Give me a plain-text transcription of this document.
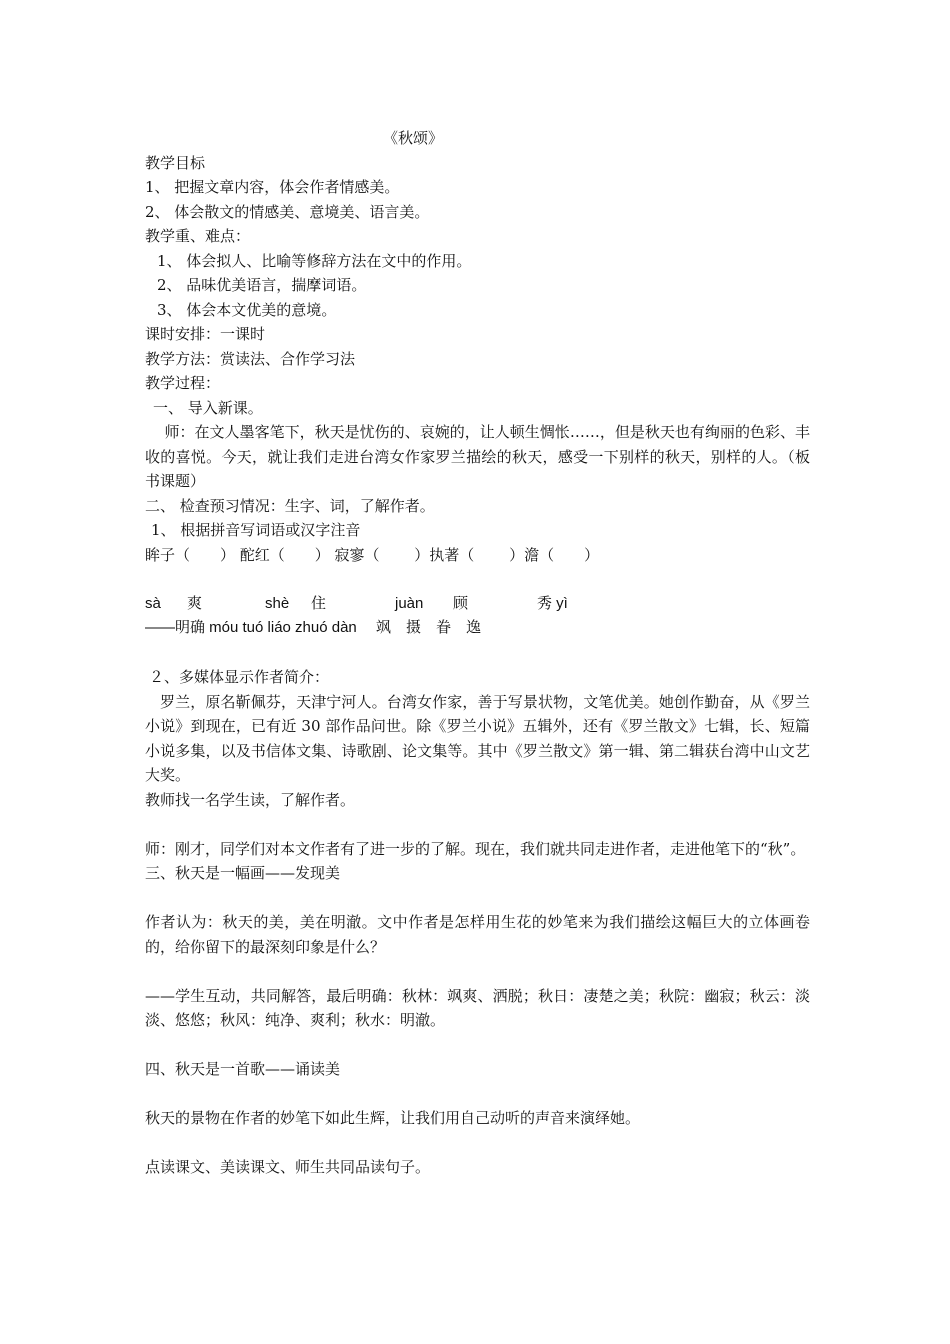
《秋颂》
教学目标
1、 把握文章内容，体会作者情感美。
2、 体会散文的情感美、意境美、语言美。
教学重、难点：
1、 体会拟人、比喻等修辞方法在文中的作用。
2、 品味优美语言，揣摩词语。
3、 体会本文优美的意境。
课时安排：一课时
教学方法：赏读法、合作学习法
教学过程：
一、 导入新课。
师：在文人墨客笔下，秋天是忧伤的、哀婉的，让人顿生惆怅……，但是秋天也有绚丽的色彩、丰收的喜悦。今天，就让我们走进台湾女作家罗兰描绘的秋天，感受一下别样的秋天，别样的人。（板书课题）
二、 检查预习情况：生字、词，了解作者。
1、 根据拼音写词语或汉字注音
眸子（　　） 酡红（　　） 寂寥（　　 ）执著（　　 ）澹（　　）
sà 爽	shè 住	juàn 顾	秀 yì
——明确 móu tuó liáo zhuó dàn　 飒　摄　眷　逸
２、多媒体显示作者简介：
罗兰，原名靳佩芬，天津宁河人。台湾女作家，善于写景状物，文笔优美。她创作勤奋，从《罗兰小说》到现在，已有近 30 部作品问世。除《罗兰小说》五辑外，还有《罗兰散文》七辑，长、短篇小说多集，以及书信体文集、诗歌剧、论文集等。其中《罗兰散文》第一辑、第二辑获台湾中山文艺大奖。
教师找一名学生读，了解作者。
师：刚才，同学们对本文作者有了进一步的了解。现在，我们就共同走进作者，走进他笔下的“秋”。
三、秋天是一幅画——发现美
作者认为：秋天的美，美在明澈。文中作者是怎样用生花的妙笔来为我们描绘这幅巨大的立体画卷的，给你留下的最深刻印象是什么？
——学生互动，共同解答，最后明确：秋林：飒爽、洒脱；秋日：凄楚之美；秋院：幽寂；秋云：淡淡、悠悠；秋风：纯净、爽利；秋水：明澈。
四、秋天是一首歌——诵读美
秋天的景物在作者的妙笔下如此生辉，让我们用自己动听的声音来演绎她。
点读课文、美读课文、师生共同品读句子。
